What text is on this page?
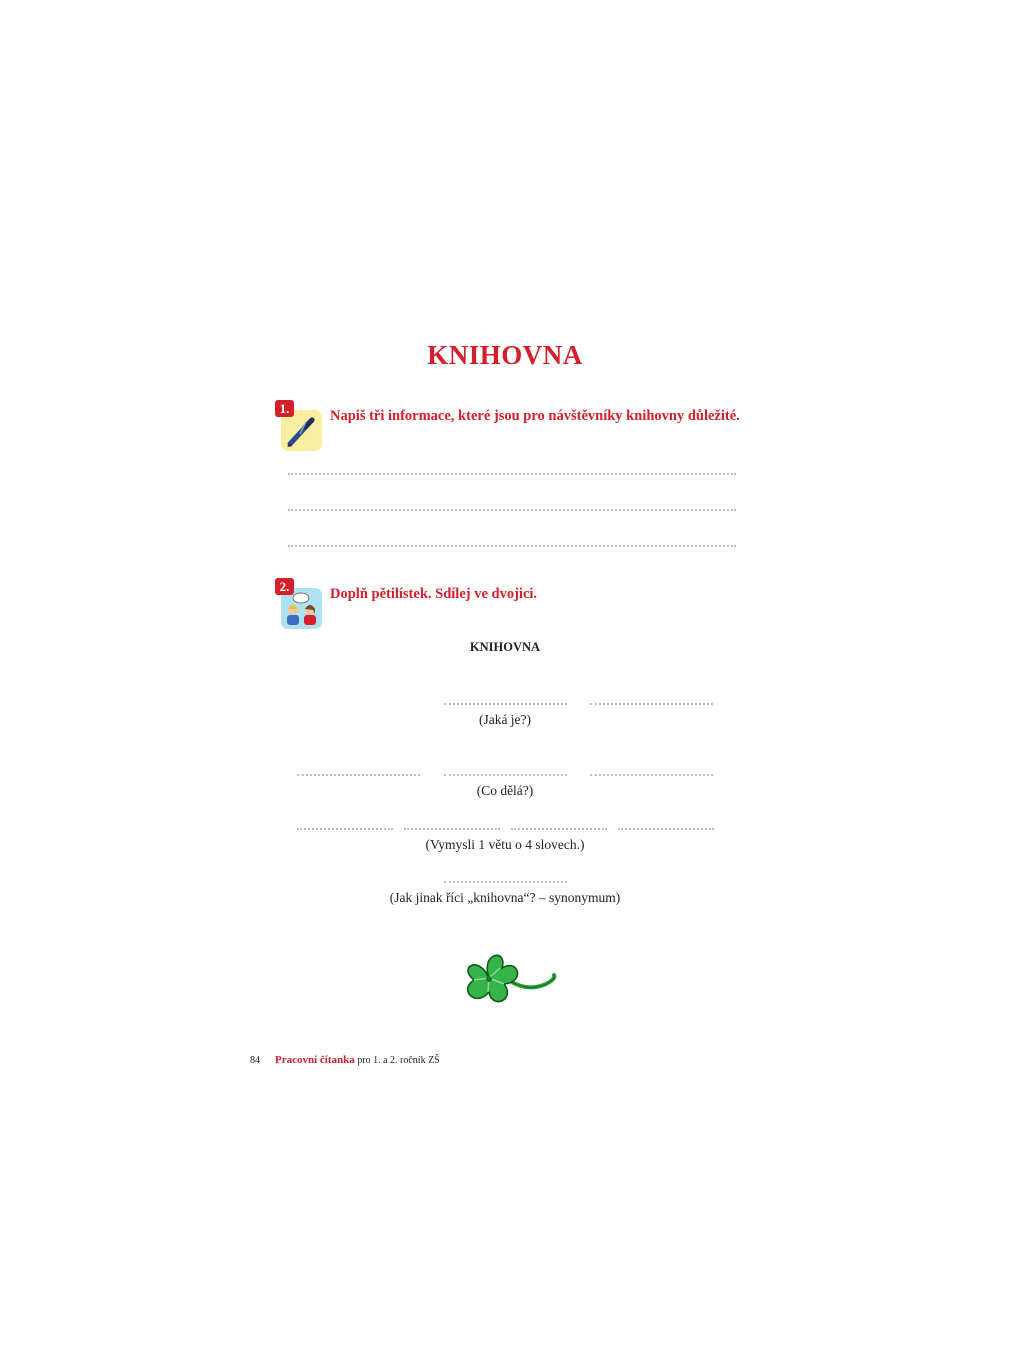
KNIHOVNA
1.	Napiš tři informace, které jsou pro návštěvníky knihovny důležité.
2.	Doplň pětilístek. Sdílej ve dvojici.
KNIHOVNA
(Jaká je?)
(Co dělá?)
(Vymysli 1 větu o 4 slovech.)
(Jak jinak říci „knihovna“? – synonymum)
84 Pracovní čítanka pro 1. a 2. ročník ZŠ
